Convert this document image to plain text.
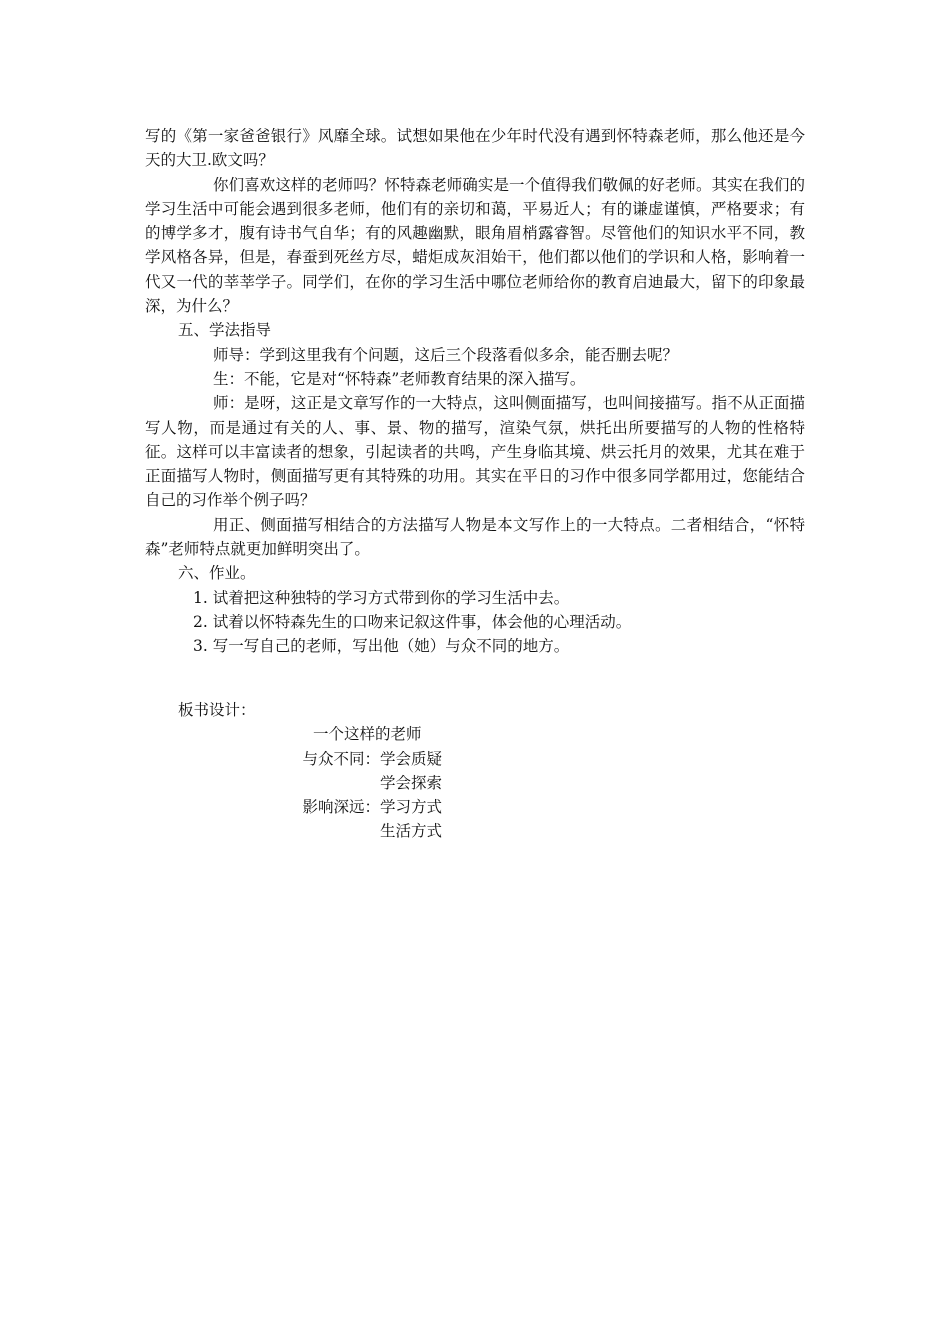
写的《第一家爸爸银行》风靡全球。试想如果他在少年时代没有遇到怀特森老师，那么他还是今天的大卫.欧文吗？

你们喜欢这样的老师吗？怀特森老师确实是一个值得我们敬佩的好老师。其实在我们的学习生活中可能会遇到很多老师，他们有的亲切和蔼，平易近人；有的谦虚谨慎，严格要求；有的博学多才，腹有诗书气自华；有的风趣幽默，眼角眉梢露睿智。尽管他们的知识水平不同，教学风格各异，但是，春蚕到死丝方尽，蜡炬成灰泪始干，他们都以他们的学识和人格，影响着一代又一代的莘莘学子。同学们，在你的学习生活中哪位老师给你的教育启迪最大，留下的印象最深，为什么？

五、学法指导

师导：学到这里我有个问题，这后三个段落看似多余，能否删去呢？

生：不能，它是对“怀特森”老师教育结果的深入描写。

师：是呀，这正是文章写作的一大特点，这叫侧面描写，也叫间接描写。指不从正面描写人物，而是通过有关的人、事、景、物的描写，渲染气氛，烘托出所要描写的人物的性格特征。这样可以丰富读者的想象，引起读者的共鸣，产生身临其境、烘云托月的效果，尤其在难于正面描写人物时，侧面描写更有其特殊的功用。其实在平日的习作中很多同学都用过，您能结合自己的习作举个例子吗？

用正、侧面描写相结合的方法描写人物是本文写作上的一大特点。二者相结合，“怀特森”老师特点就更加鲜明突出了。

六、作业。

1. 试着把这种独特的学习方式带到你的学习生活中去。

2. 试着以怀特森先生的口吻来记叙这件事，体会他的心理活动。

3. 写一写自己的老师，写出他（她）与众不同的地方。

板书设计：

一个这样的老师

与众不同： 学会质疑
学会探索
影响深远： 学习方式
生活方式
